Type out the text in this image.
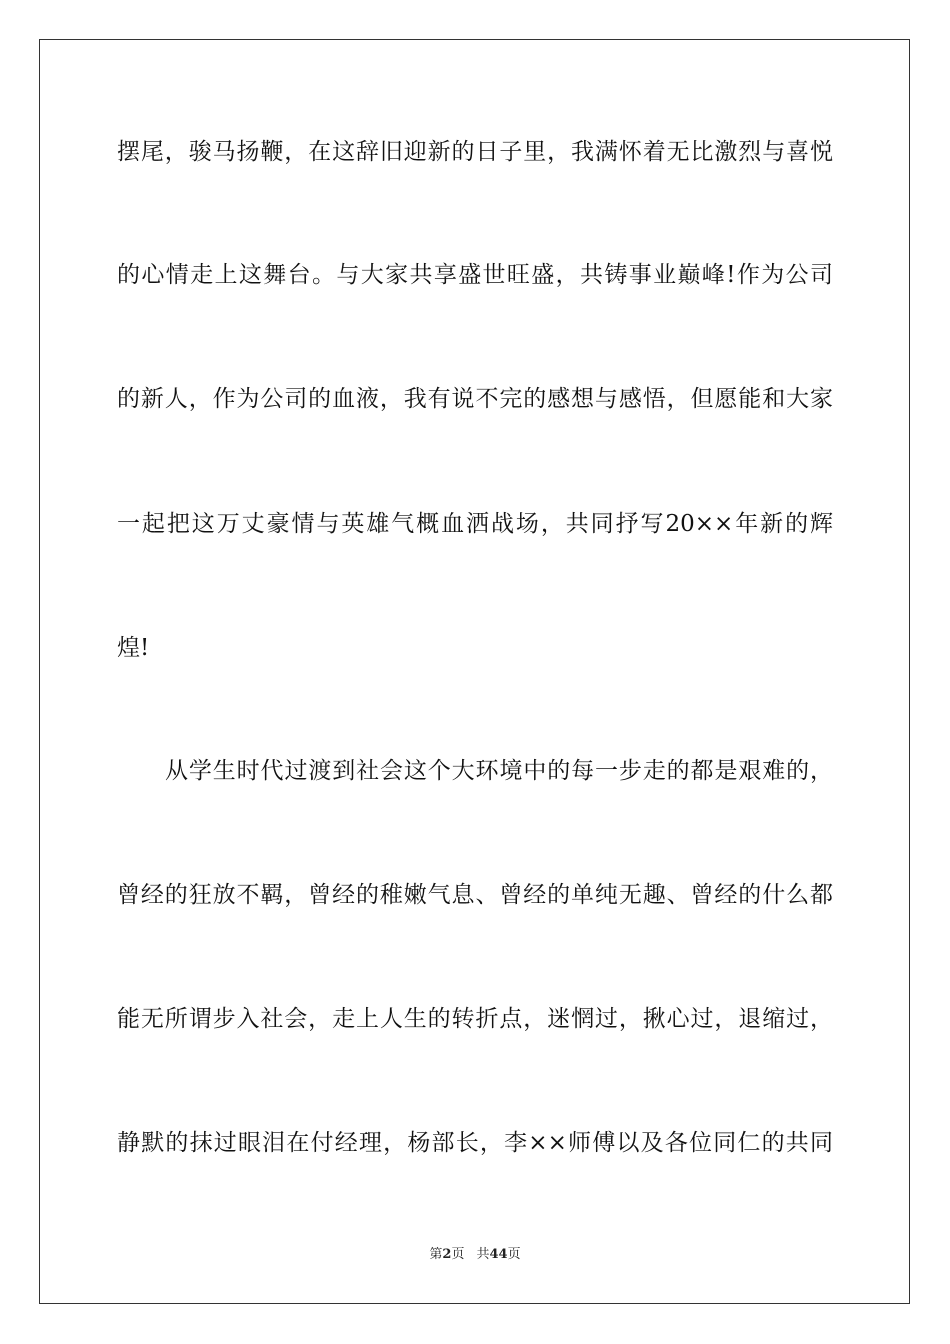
摆尾，骏马扬鞭，在这辞旧迎新的日子里，我满怀着无比激烈与喜悦
的心情走上这舞台。与大家共享盛世旺盛，共铸事业巅峰!作为公司
的新人，作为公司的血液，我有说不完的感想与感悟，但愿能和大家
一起把这万丈豪情与英雄气概血洒战场，共同抒写20××年新的辉
煌!
从学生时代过渡到社会这个大环境中的每一步走的都是艰难的，
曾经的狂放不羁，曾经的稚嫩气息、曾经的单纯无趣、曾经的什么都
能无所谓步入社会，走上人生的转折点，迷惘过，揪心过，退缩过，
静默的抹过眼泪在付经理，杨部长，李××师傅以及各位同仁的共同
第2页 共44页
